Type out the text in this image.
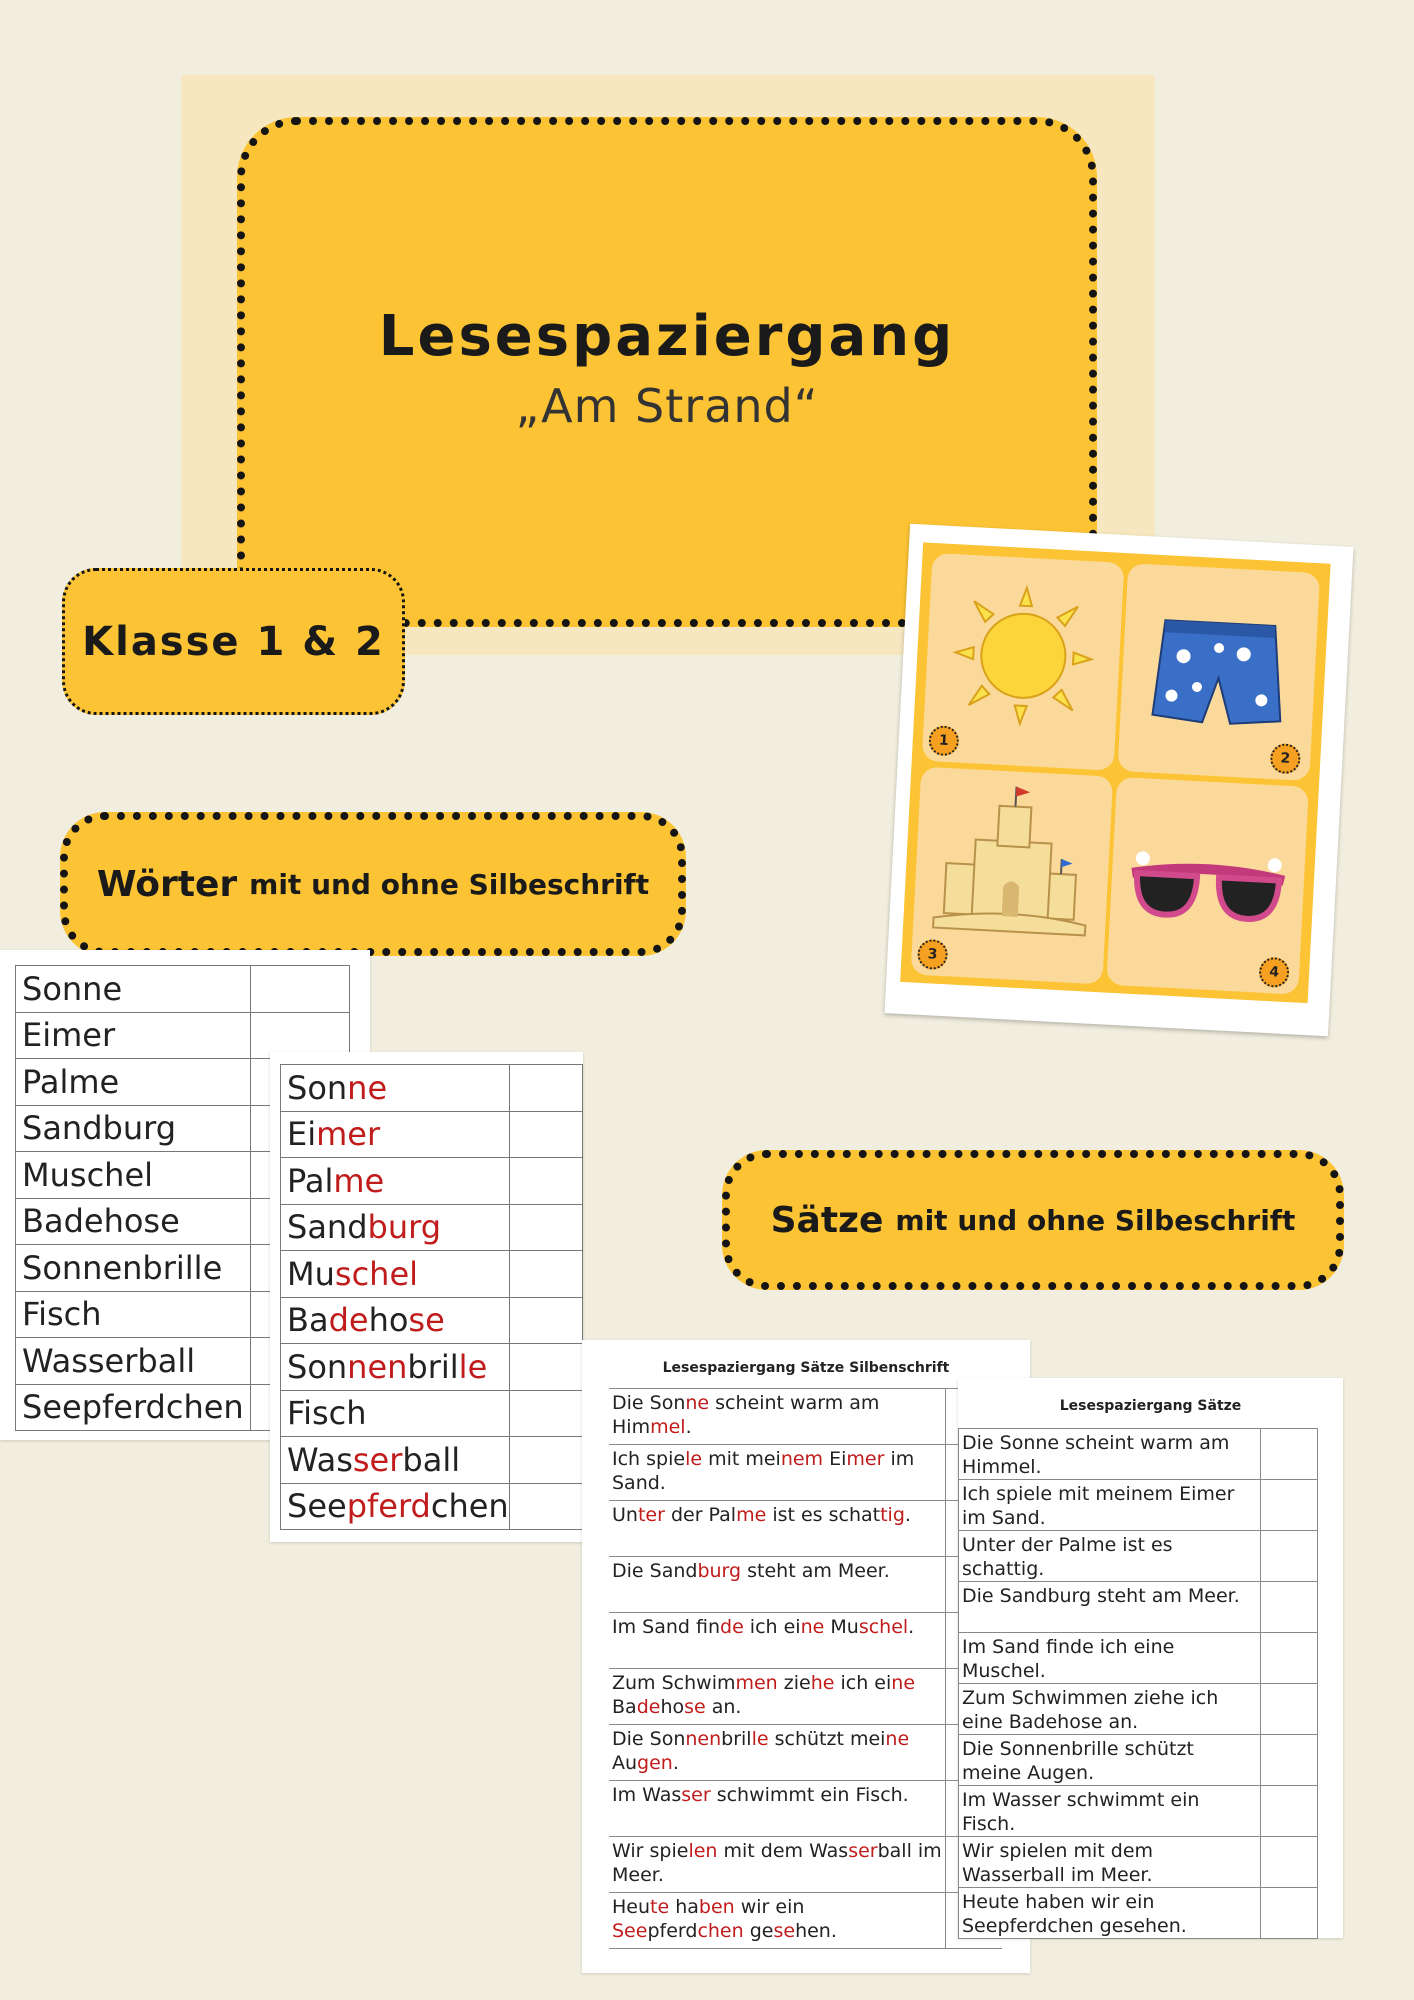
Lesespaziergang
„Am Strand“
Klasse 1 & 2
Wörter mit und ohne Silbeschrift
Sätze mit und ohne Silbeschrift
1
2
3
4
Sonne	
Eimer	
Palme	
Sandburg	
Muschel	
Badehose	
Sonnenbrille	
Fisch	
Wasserball	
Seepferdchen	
Sonne	
Eimer	
Palme	
Sandburg	
Muschel	
Badehose	
Sonnenbrille	
Fisch	
Wasserball	
Seepferdchen	
Lesespaziergang Sätze Silbenschrift
Die Sonne scheint warm am Himmel.	
Ich spiele mit meinem Eimer im Sand.	
Unter der Palme ist es schattig.	
Die Sandburg steht am Meer.	
Im Sand finde ich eine Muschel.	
Zum Schwimmen ziehe ich eine Badehose an.	
Die Sonnenbrille schützt meine Augen.	
Im Wasser schwimmt ein Fisch.	
Wir spielen mit dem Wasserball im Meer.	
Heute haben wir ein Seepferdchen gesehen.	
Lesespaziergang Sätze
Die Sonne scheint warm am Himmel.	
Ich spiele mit meinem Eimer im Sand.	
Unter der Palme ist es schattig.	
Die Sandburg steht am Meer.	
Im Sand finde ich eine Muschel.	
Zum Schwimmen ziehe ich eine Badehose an.	
Die Sonnenbrille schützt meine Augen.	
Im Wasser schwimmt ein Fisch.	
Wir spielen mit dem Wasserball im Meer.	
Heute haben wir ein Seepferdchen gesehen.	
